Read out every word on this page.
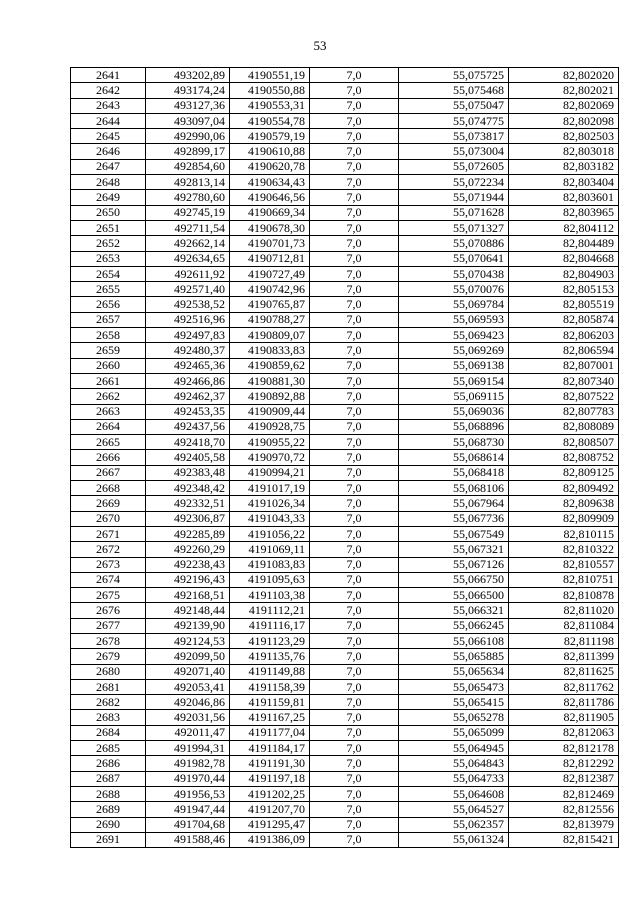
53
2641	493202,89	4190551,19	7,0	55,075725	82,802020
2642	493174,24	4190550,88	7,0	55,075468	82,802021
2643	493127,36	4190553,31	7,0	55,075047	82,802069
2644	493097,04	4190554,78	7,0	55,074775	82,802098
2645	492990,06	4190579,19	7,0	55,073817	82,802503
2646	492899,17	4190610,88	7,0	55,073004	82,803018
2647	492854,60	4190620,78	7,0	55,072605	82,803182
2648	492813,14	4190634,43	7,0	55,072234	82,803404
2649	492780,60	4190646,56	7,0	55,071944	82,803601
2650	492745,19	4190669,34	7,0	55,071628	82,803965
2651	492711,54	4190678,30	7,0	55,071327	82,804112
2652	492662,14	4190701,73	7,0	55,070886	82,804489
2653	492634,65	4190712,81	7,0	55,070641	82,804668
2654	492611,92	4190727,49	7,0	55,070438	82,804903
2655	492571,40	4190742,96	7,0	55,070076	82,805153
2656	492538,52	4190765,87	7,0	55,069784	82,805519
2657	492516,96	4190788,27	7,0	55,069593	82,805874
2658	492497,83	4190809,07	7,0	55,069423	82,806203
2659	492480,37	4190833,83	7,0	55,069269	82,806594
2660	492465,36	4190859,62	7,0	55,069138	82,807001
2661	492466,86	4190881,30	7,0	55,069154	82,807340
2662	492462,37	4190892,88	7,0	55,069115	82,807522
2663	492453,35	4190909,44	7,0	55,069036	82,807783
2664	492437,56	4190928,75	7,0	55,068896	82,808089
2665	492418,70	4190955,22	7,0	55,068730	82,808507
2666	492405,58	4190970,72	7,0	55,068614	82,808752
2667	492383,48	4190994,21	7,0	55,068418	82,809125
2668	492348,42	4191017,19	7,0	55,068106	82,809492
2669	492332,51	4191026,34	7,0	55,067964	82,809638
2670	492306,87	4191043,33	7,0	55,067736	82,809909
2671	492285,89	4191056,22	7,0	55,067549	82,810115
2672	492260,29	4191069,11	7,0	55,067321	82,810322
2673	492238,43	4191083,83	7,0	55,067126	82,810557
2674	492196,43	4191095,63	7,0	55,066750	82,810751
2675	492168,51	4191103,38	7,0	55,066500	82,810878
2676	492148,44	4191112,21	7,0	55,066321	82,811020
2677	492139,90	4191116,17	7,0	55,066245	82,811084
2678	492124,53	4191123,29	7,0	55,066108	82,811198
2679	492099,50	4191135,76	7,0	55,065885	82,811399
2680	492071,40	4191149,88	7,0	55,065634	82,811625
2681	492053,41	4191158,39	7,0	55,065473	82,811762
2682	492046,86	4191159,81	7,0	55,065415	82,811786
2683	492031,56	4191167,25	7,0	55,065278	82,811905
2684	492011,47	4191177,04	7,0	55,065099	82,812063
2685	491994,31	4191184,17	7,0	55,064945	82,812178
2686	491982,78	4191191,30	7,0	55,064843	82,812292
2687	491970,44	4191197,18	7,0	55,064733	82,812387
2688	491956,53	4191202,25	7,0	55,064608	82,812469
2689	491947,44	4191207,70	7,0	55,064527	82,812556
2690	491704,68	4191295,47	7,0	55,062357	82,813979
2691	491588,46	4191386,09	7,0	55,061324	82,815421
